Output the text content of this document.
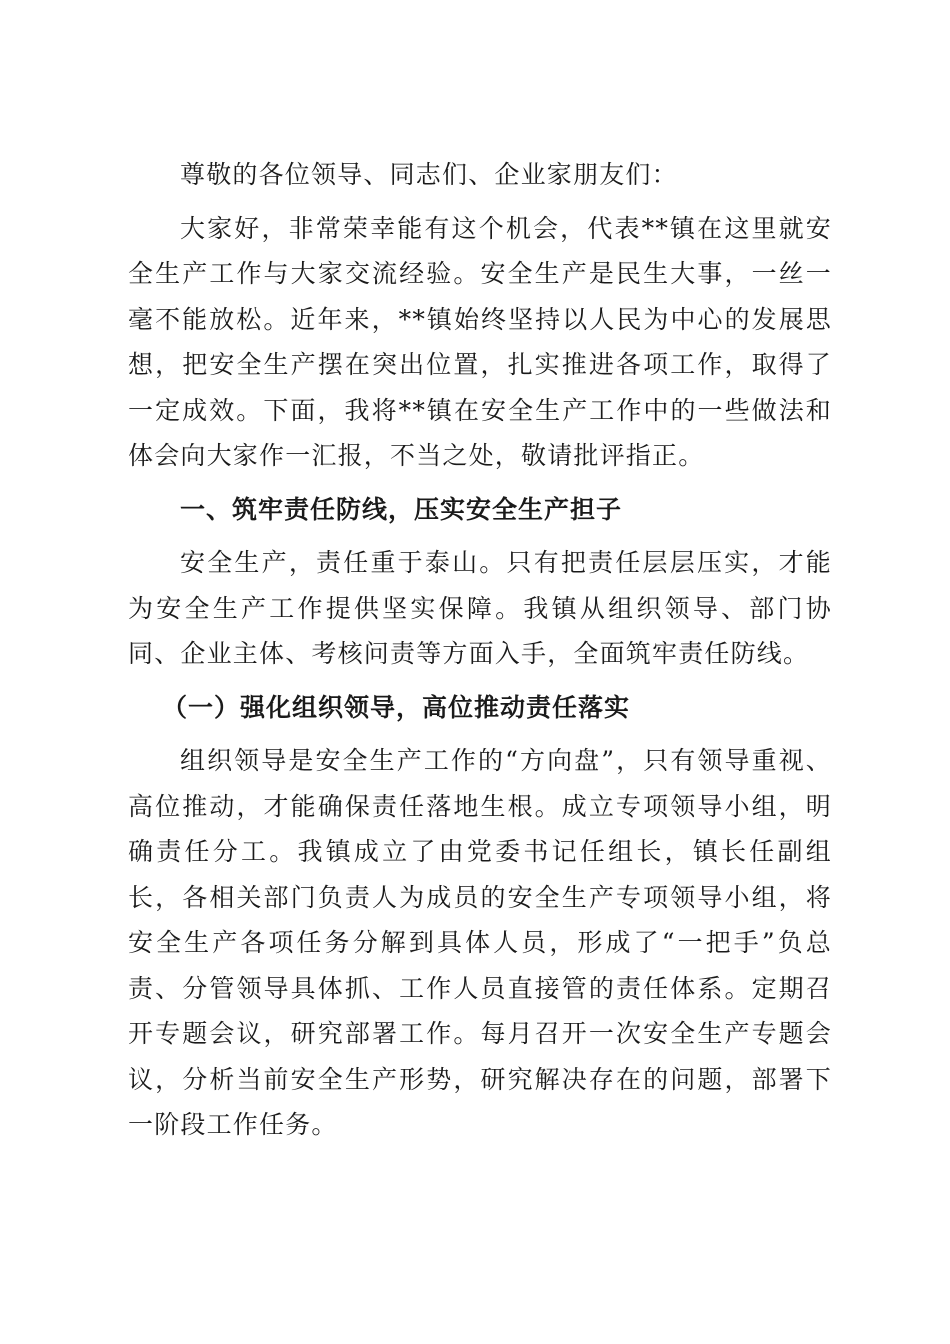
尊敬的各位领导、同志们、企业家朋友们：

大家好，非常荣幸能有这个机会，代表**镇在这里就安全生产工作与大家交流经验。安全生产是民生大事，一丝一毫不能放松。近年来，**镇始终坚持以人民为中心的发展思想，把安全生产摆在突出位置，扎实推进各项工作，取得了一定成效。下面，我将**镇在安全生产工作中的一些做法和体会向大家作一汇报，不当之处，敬请批评指正。

一、筑牢责任防线，压实安全生产担子

安全生产，责任重于泰山。只有把责任层层压实，才能为安全生产工作提供坚实保障。我镇从组织领导、部门协同、企业主体、考核问责等方面入手，全面筑牢责任防线。

（一）强化组织领导，高位推动责任落实

组织领导是安全生产工作的“方向盘”，只有领导重视、高位推动，才能确保责任落地生根。成立专项领导小组，明确责任分工。我镇成立了由党委书记任组长，镇长任副组长，各相关部门负责人为成员的安全生产专项领导小组，将安全生产各项任务分解到具体人员，形成了“一把手”负总责、分管领导具体抓、工作人员直接管的责任体系。定期召开专题会议，研究部署工作。每月召开一次安全生产专题会议，分析当前安全生产形势，研究解决存在的问题，部署下一阶段工作任务。
